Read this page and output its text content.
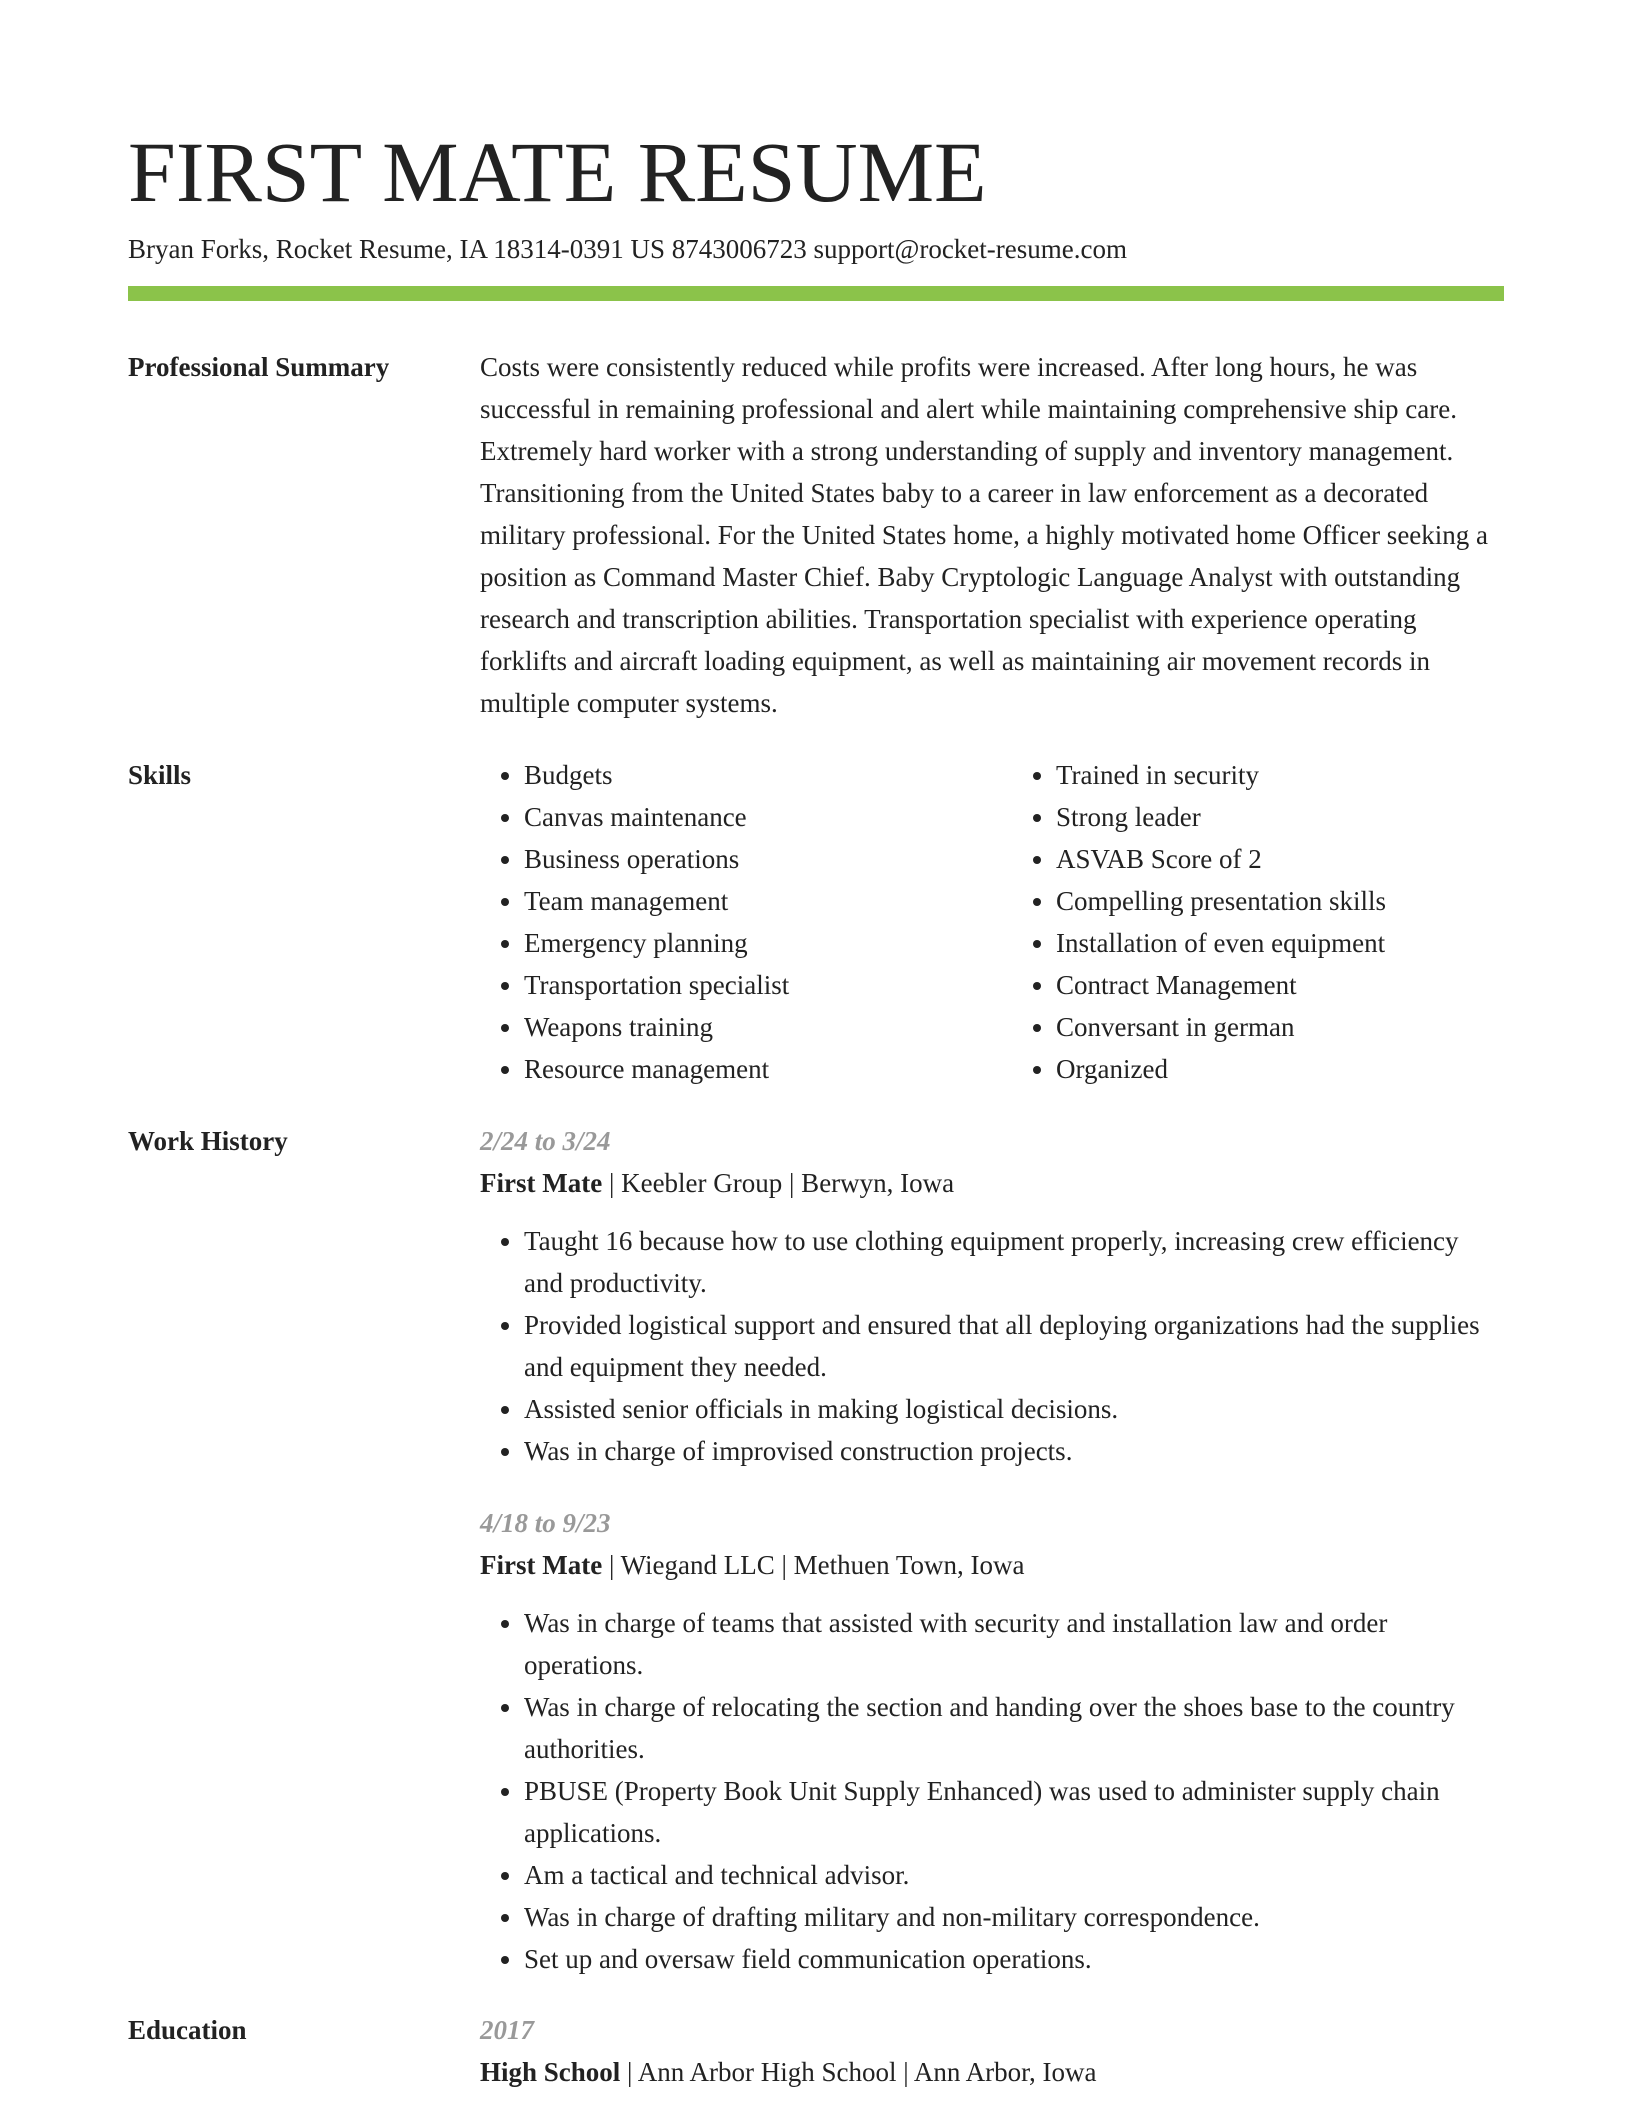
FIRST MATE RESUME
Bryan Forks, Rocket Resume, IA 18314-0391 US 8743006723 support@rocket-resume.com
Professional Summary	Costs were consistently reduced while profits were increased. After long hours, he was successful in remaining professional and alert while maintaining comprehensive ship care. Extremely hard worker with a strong understanding of supply and inventory management. Transitioning from the United States baby to a career in law enforcement as a decorated military professional. For the United States home, a highly motivated home Officer seeking a position as Command Master Chief. Baby Cryptologic Language Analyst with outstanding research and transcription abilities. Transportation specialist with experience operating forklifts and aircraft loading equipment, as well as maintaining air movement records in multiple computer systems.

Skills
•	Budgets
• Canvas maintenance
• Business operations
• Team management
• Emergency planning
• Transportation specialist
• Weapons training
• Resource management
• Trained in security
• Strong leader
• ASVAB Score of 2
• Compelling presentation skills
• Installation of even equipment
• Contract Management
• Conversant in german
• Organized
Work History	2/24 to 3/24
First Mate | Keebler Group | Berwyn, Iowa
• Taught 16 because how to use clothing equipment properly, increasing crew efficiency and productivity.
• Provided logistical support and ensured that all deploying organizations had the supplies and equipment they needed.
• Assisted senior officials in making logistical decisions.
• Was in charge of improvised construction projects.
4/18 to 9/23
First Mate | Wiegand LLC | Methuen Town, Iowa
• Was in charge of teams that assisted with security and installation law and order operations.
• Was in charge of relocating the section and handing over the shoes base to the country authorities.
• PBUSE (Property Book Unit Supply Enhanced) was used to administer supply chain applications.
• Am a tactical and technical advisor.
• Was in charge of drafting military and non-military correspondence.
• Set up and oversaw field communication operations.
Education	2017
High School | Ann Arbor High School | Ann Arbor, Iowa
